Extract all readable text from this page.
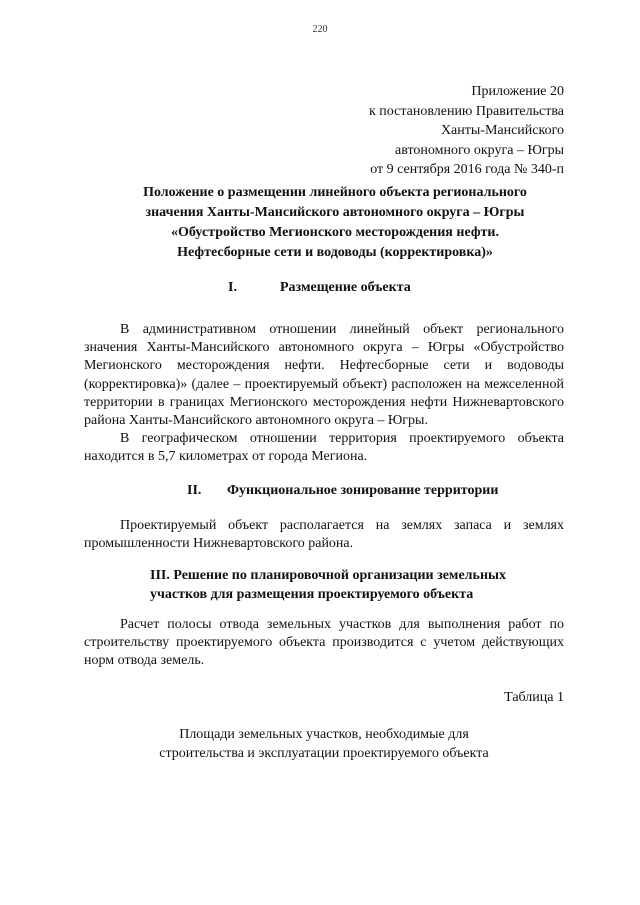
220
Приложение 20
к постановлению Правительства
Ханты-Мансийского
автономного округа – Югры
от 9 сентября 2016 года № 340-п
Положение о размещении линейного объекта регионального
значения Ханты-Мансийского автономного округа – Югры
«Обустройство Мегионского месторождения нефти.
Нефтесборные сети и водоводы (корректировка)»
I.	Размещение объекта

В административном отношении линейный объект регионального значения Ханты-Мансийского автономного округа – Югры «Обустройство Мегионского месторождения нефти. Нефтесборные сети и водоводы (корректировка)» (далее – проектируемый объект) расположен на межселенной территории в границах Мегионского месторождения нефти Нижневартовского района Ханты-Мансийского автономного округа – Югры.

В географическом отношении территория проектируемого объекта находится в 5,7 километрах от города Мегиона.

II. Функциональное зонирование территории

Проектируемый объект располагается на землях запаса и землях промышленности Нижневартовского района.

III. Решение по планировочной организации земельных
участков для размещения проектируемого объекта

Расчет полосы отвода земельных участков для выполнения работ по строительству проектируемого объекта производится с учетом действующих норм отвода земель.

Таблица 1
Площади земельных участков, необходимые для
строительства и эксплуатации проектируемого объекта
